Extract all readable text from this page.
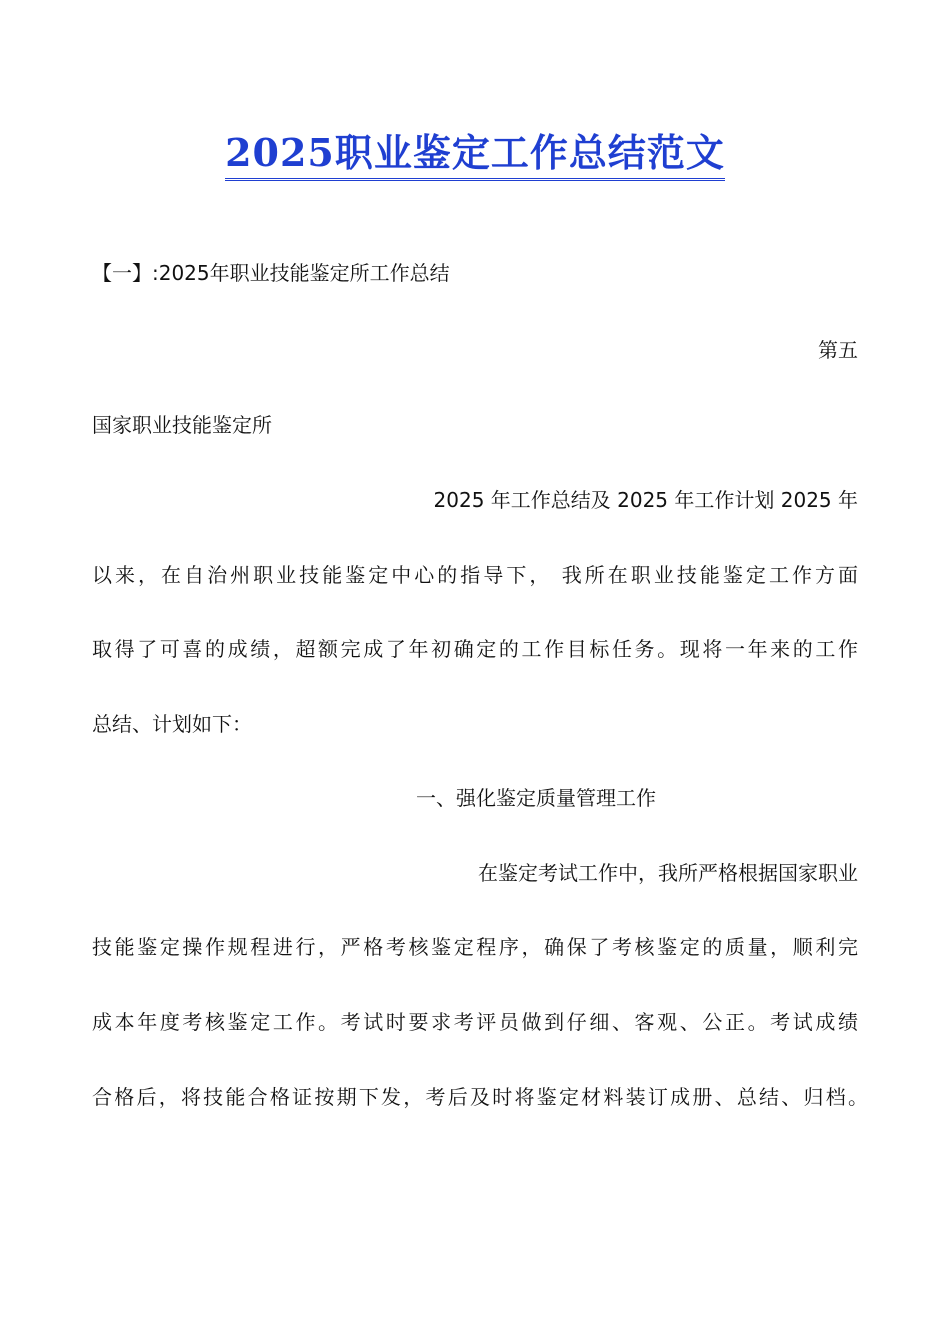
2025职业鉴定工作总结范文
【一】:2025年职业技能鉴定所工作总结
第五
国家职业技能鉴定所
2025 年工作总结及 2025 年工作计划 2025 年
以来，在自治州职业技能鉴定中心的指导下， 我所在职业技能鉴定工作方面
取得了可喜的成绩，超额完成了年初确定的工作目标任务。现将一年来的工作
总结、计划如下：
一、强化鉴定质量管理工作
在鉴定考试工作中，我所严格根据国家职业
技能鉴定操作规程进行，严格考核鉴定程序，确保了考核鉴定的质量，顺利完
成本年度考核鉴定工作。考试时要求考评员做到仔细、客观、公正。考试成绩
合格后，将技能合格证按期下发，考后及时将鉴定材料装订成册、总结、归档。
